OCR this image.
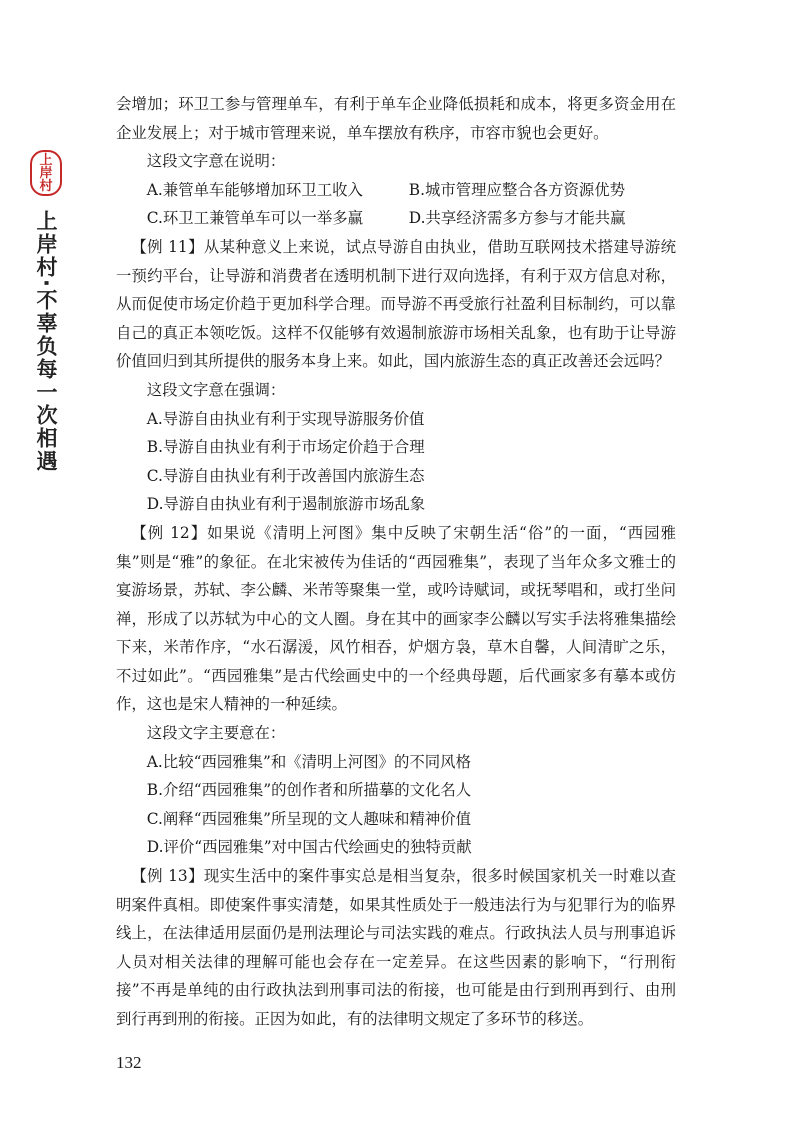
上
岸
村
上岸村·不辜负每一次相遇

会增加；环卫工参与管理单车，有利于单车企业降低损耗和成本，将更多资金用在企业发展上；对于城市管理来说，单车摆放有秩序，市容市貌也会更好。

这段文字意在说明：

A.兼管单车能够增加环卫工收入	B.城市管理应整合各方资源优势
C.环卫工兼管单车可以一举多赢	D.共享经济需多方参与才能共赢

【例 11】从某种意义上来说，试点导游自由执业，借助互联网技术搭建导游统一预约平台，让导游和消费者在透明机制下进行双向选择，有利于双方信息对称，从而促使市场定价趋于更加科学合理。而导游不再受旅行社盈利目标制约，可以靠自己的真正本领吃饭。这样不仅能够有效遏制旅游市场相关乱象，也有助于让导游价值回归到其所提供的服务本身上来。如此，国内旅游生态的真正改善还会远吗？

这段文字意在强调：

A.导游自由执业有利于实现导游服务价值

B.导游自由执业有利于市场定价趋于合理

C.导游自由执业有利于改善国内旅游生态

D.导游自由执业有利于遏制旅游市场乱象

【例 12】如果说《清明上河图》集中反映了宋朝生活“俗”的一面，“西园雅集”则是“雅”的象征。在北宋被传为佳话的“西园雅集”，表现了当年众多文雅士的宴游场景，苏轼、李公麟、米芾等聚集一堂，或吟诗赋词，或抚琴唱和，或打坐问禅，形成了以苏轼为中心的文人圈。身在其中的画家李公麟以写实手法将雅集描绘下来，米芾作序，“水石潺湲，风竹相吞，炉烟方袅，草木自馨，人间清旷之乐，不过如此”。“西园雅集”是古代绘画史中的一个经典母题，后代画家多有摹本或仿作，这也是宋人精神的一种延续。

这段文字主要意在：

A.比较“西园雅集”和《清明上河图》的不同风格

B.介绍“西园雅集”的创作者和所描摹的文化名人

C.阐释“西园雅集”所呈现的文人趣味和精神价值

D.评价“西园雅集”对中国古代绘画史的独特贡献

【例 13】现实生活中的案件事实总是相当复杂，很多时候国家机关一时难以查明案件真相。即使案件事实清楚，如果其性质处于一般违法行为与犯罪行为的临界线上，在法律适用层面仍是刑法理论与司法实践的难点。行政执法人员与刑事追诉人员对相关法律的理解可能也会存在一定差异。在这些因素的影响下，“行刑衔接”不再是单纯的由行政执法到刑事司法的衔接，也可能是由行到刑再到行、由刑到行再到刑的衔接。正因为如此，有的法律明文规定了多环节的移送。

132
